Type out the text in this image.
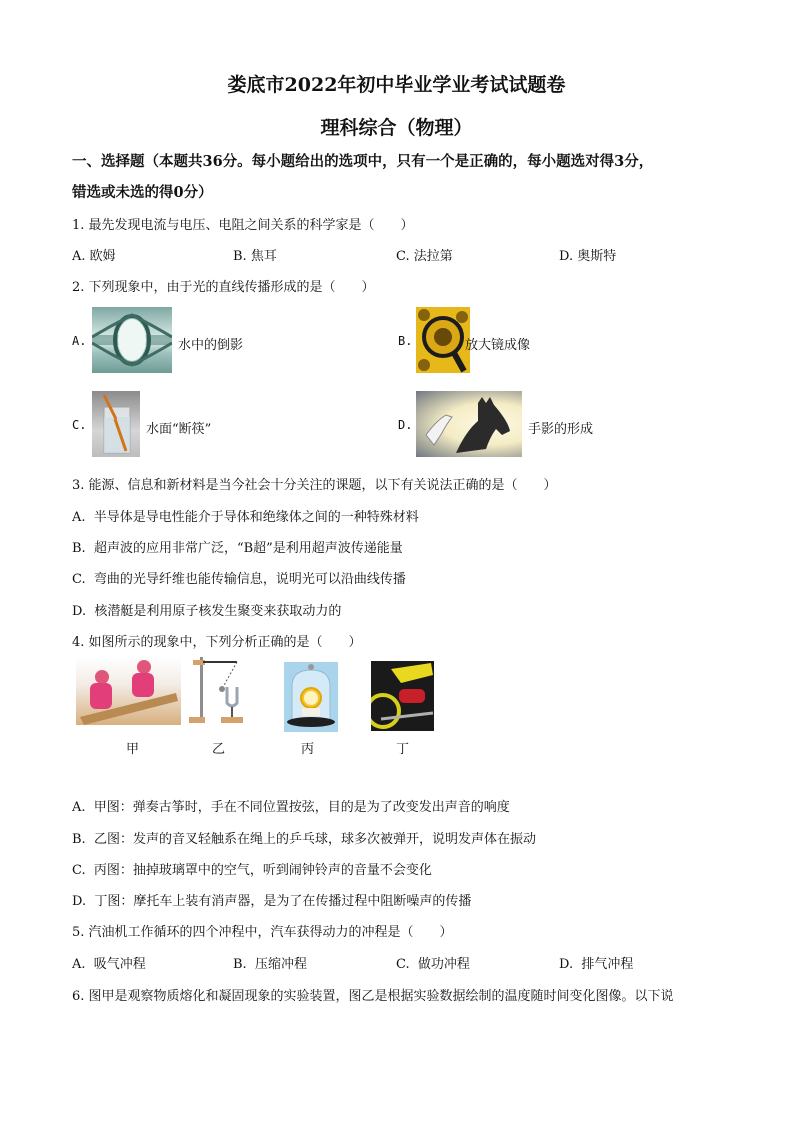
娄底市2022年初中毕业学业考试试题卷
理科综合（物理）
一、选择题（本题共36分。每小题给出的选项中，只有一个是正确的，每小题选对得3分，
错选或未选的得0分）
1. 最先发现电流与电压、电阻之间关系的科学家是（　　）
A. 欧姆	B. 焦耳	C. 法拉第	D. 奥斯特
2. 下列现象中，由于光的直线传播形成的是（　　）
A.	水中的倒影	B.	放大镜成像
C.	水面“断筷”	D.	手影的形成
3. 能源、信息和新材料是当今社会十分关注的课题，以下有关说法正确的是（　　）
A. 半导体是导电性能介于导体和绝缘体之间的一种特殊材料
B. 超声波的应用非常广泛，“B超”是利用超声波传递能量
C. 弯曲的光导纤维也能传输信息，说明光可以沿曲线传播
D. 核潜艇是利用原子核发生聚变来获取动力的
4. 如图所示的现象中，下列分析正确的是（　　）
甲	乙	丙	丁
A. 甲图：弹奏古筝时，手在不同位置按弦，目的是为了改变发出声音的响度
B. 乙图：发声的音叉轻触系在绳上的乒乓球，球多次被弹开，说明发声体在振动
C. 丙图：抽掉玻璃罩中的空气，听到闹钟铃声的音量不会变化
D. 丁图：摩托车上装有消声器，是为了在传播过程中阻断噪声的传播
5. 汽油机工作循环的四个冲程中，汽车获得动力的冲程是（　　）
A. 吸气冲程	B. 压缩冲程	C. 做功冲程	D. 排气冲程
6. 图甲是观察物质熔化和凝固现象的实验装置，图乙是根据实验数据绘制的温度随时间变化图像。以下说
